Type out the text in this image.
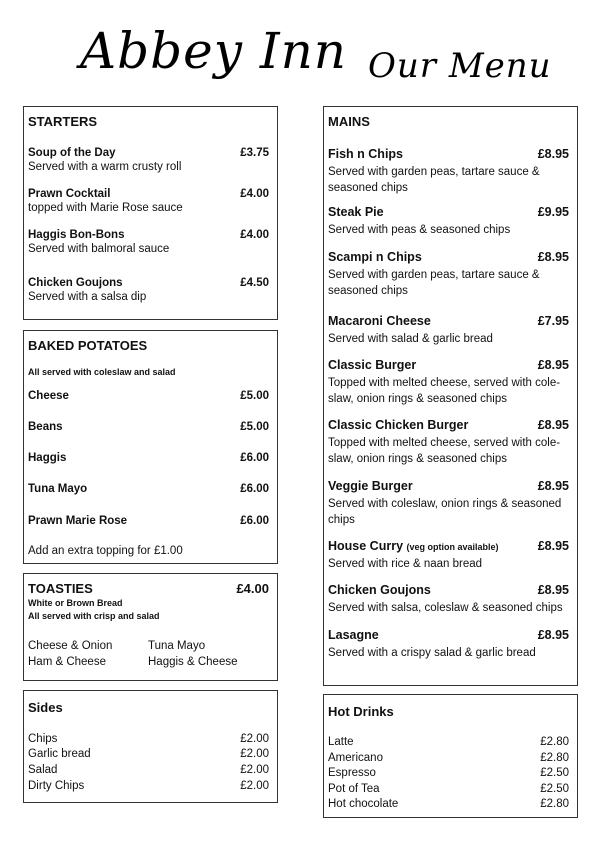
Abbey Inn Our Menu
STARTERS
Soup of the Day	£3.75
Served with a warm crusty roll
Prawn Cocktail	£4.00
topped with Marie Rose sauce
Haggis Bon-Bons	£4.00
Served with balmoral sauce
Chicken Goujons	£4.50
Served with a salsa dip
BAKED POTATOES
All served with coleslaw and salad
Cheese	£5.00
Beans	£5.00
Haggis	£6.00
Tuna Mayo	£6.00
Prawn Marie Rose	£6.00
Add an extra topping for £1.00
TOASTIES	£4.00
White or Brown Bread
All served with crisp and salad
Cheese & Onion	Tuna Mayo
Ham & Cheese	Haggis & Cheese
Sides
Chips	£2.00
Garlic bread	£2.00
Salad	£2.00
Dirty Chips	£2.00
MAINS
Fish n Chips	£8.95
Served with garden peas, tartare sauce & seasoned chips
Steak Pie	£9.95
Served with peas & seasoned chips
Scampi n Chips	£8.95
Served with garden peas, tartare sauce & seasoned chips
Macaroni Cheese	£7.95
Served with salad & garlic bread
Classic Burger	£8.95
Topped with melted cheese, served with cole-slaw, onion rings & seasoned chips
Classic Chicken Burger	£8.95
Topped with melted cheese, served with cole-slaw, onion rings & seasoned chips
Veggie Burger	£8.95
Served with coleslaw, onion rings & seasoned chips
House Curry (veg option available)	£8.95
Served with rice & naan bread
Chicken Goujons	£8.95
Served with salsa, coleslaw & seasoned chips
Lasagne	£8.95
Served with a crispy salad & garlic bread
Hot Drinks
Latte	£2.80
Americano	£2.80
Espresso	£2.50
Pot of Tea	£2.50
Hot chocolate	£2.80
